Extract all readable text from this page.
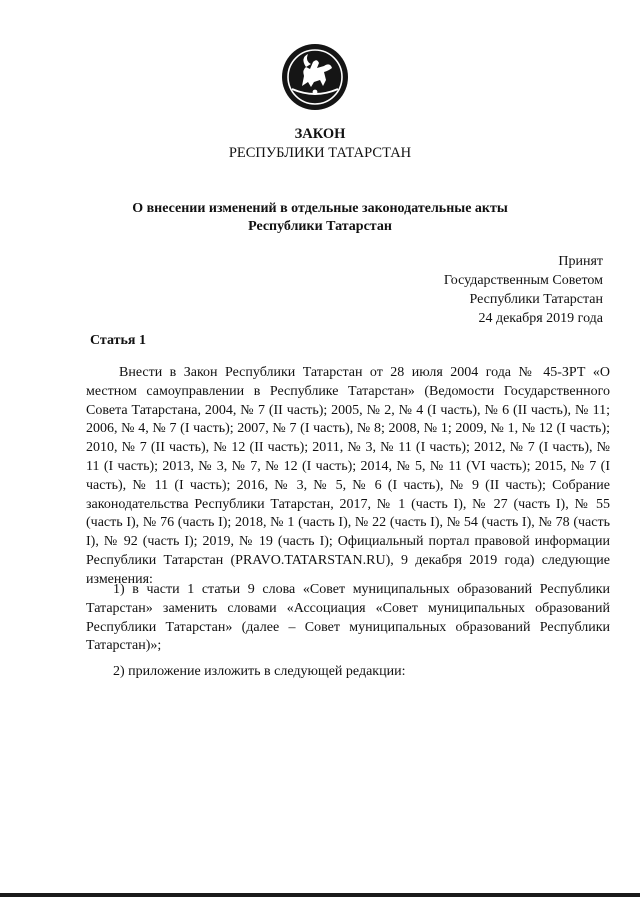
ЗАКОН
РЕСПУБЛИКИ ТАТАРСТАН
О внесении изменений в отдельные законодательные акты
Республики Татарстан
Принят
Государственным Советом
Республики Татарстан
24 декабря 2019 года
Статья 1

Внести в Закон Республики Татарстан от 28 июля 2004 года № 45-ЗРТ «О местном самоуправлении в Республике Татарстан» (Ведомости Государственного Совета Татарстана, 2004, № 7 (II часть); 2005, № 2, № 4 (I часть), № 6 (II часть), № 11; 2006, № 4, № 7 (I часть); 2007, № 7 (I часть), № 8; 2008, № 1; 2009, № 1, № 12 (I часть); 2010, № 7 (II часть), № 12 (II часть); 2011, № 3, № 11 (I часть); 2012, № 7 (I часть), № 11 (I часть); 2013, № 3, № 7, № 12 (I часть); 2014, № 5, № 11 (VI часть); 2015, № 7 (I часть), № 11 (I часть); 2016, № 3, № 5, № 6 (I часть), № 9 (II часть); Собрание законодательства Республики Татарстан, 2017, № 1 (часть I), № 27 (часть I), № 55 (часть I), № 76 (часть I); 2018, № 1 (часть I), № 22 (часть I), № 54 (часть I), № 78 (часть I), № 92 (часть I); 2019, № 19 (часть I); Официальный портал правовой информации Республики Татарстан (PRAVO.TATARSTAN.RU), 9 декабря 2019 года) следующие изменения:

1) в части 1 статьи 9 слова «Совет муниципальных образований Республики Татарстан» заменить словами «Ассоциация «Совет муниципальных образований Республики Татарстан» (далее – Совет муниципальных образований Республики Татарстан)»;

2) приложение изложить в следующей редакции:
